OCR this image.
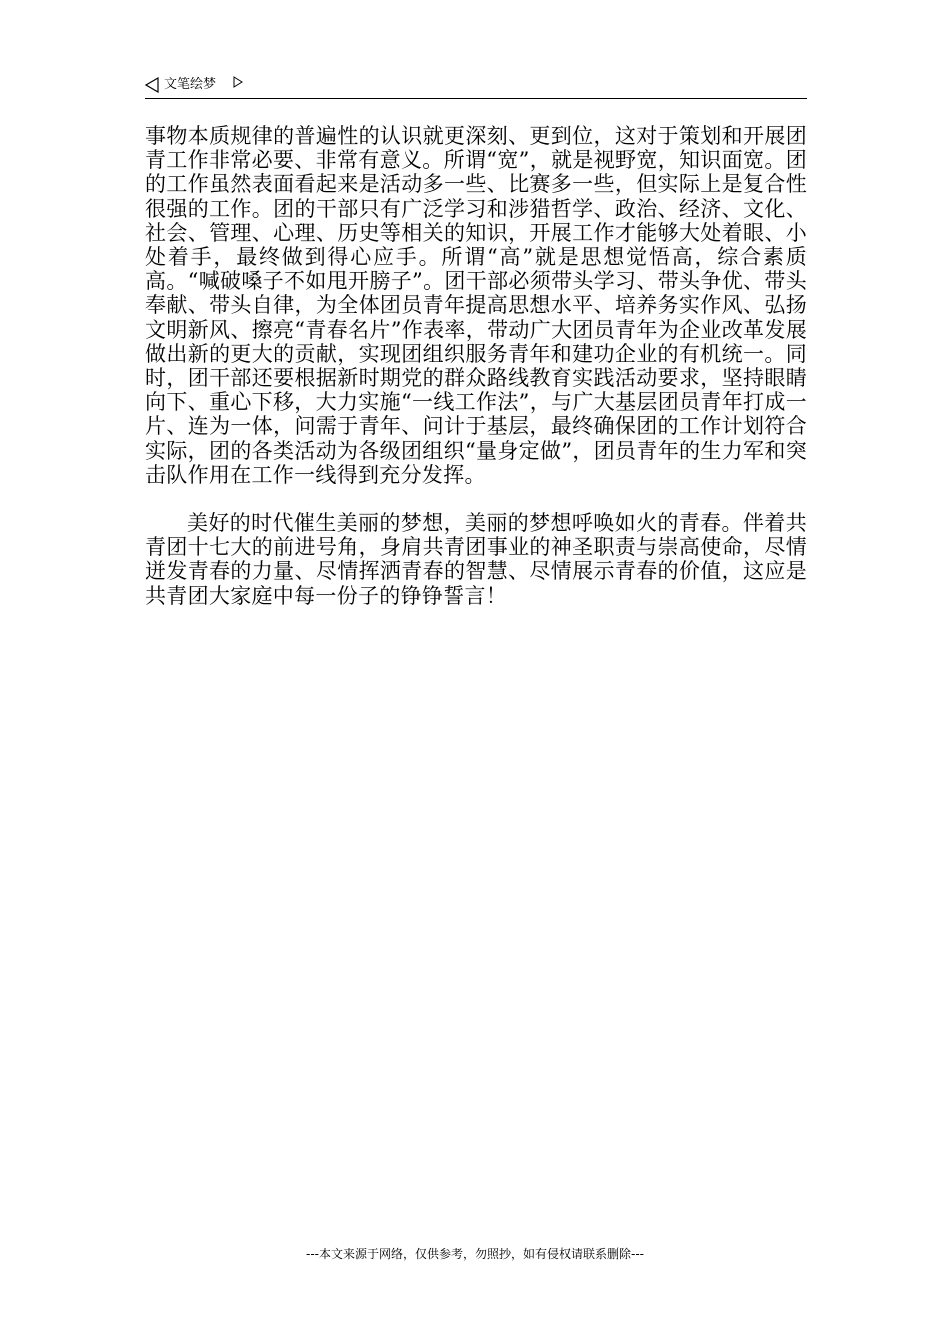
文笔绘梦

事物本质规律的普遍性的认识就更深刻、更到位，这对于策划和开展团青工作非常必要、非常有意义。所谓“宽”，就是视野宽，知识面宽。团的工作虽然表面看起来是活动多一些、比赛多一些，但实际上是复合性很强的工作。团的干部只有广泛学习和涉猎哲学、政治、经济、文化、社会、管理、心理、历史等相关的知识，开展工作才能够大处着眼、小处着手，最终做到得心应手。所谓“高”就是思想觉悟高，综合素质高。“喊破嗓子不如甩开膀子”。团干部必须带头学习、带头争优、带头奉献、带头自律，为全体团员青年提高思想水平、培养务实作风、弘扬文明新风、擦亮“青春名片”作表率，带动广大团员青年为企业改革发展做出新的更大的贡献，实现团组织服务青年和建功企业的有机统一。同时，团干部还要根据新时期党的群众路线教育实践活动要求，坚持眼睛向下、重心下移，大力实施“一线工作法”，与广大基层团员青年打成一片、连为一体，问需于青年、问计于基层，最终确保团的工作计划符合实际，团的各类活动为各级团组织“量身定做”，团员青年的生力军和突击队作用在工作一线得到充分发挥。

美好的时代催生美丽的梦想，美丽的梦想呼唤如火的青春。伴着共青团十七大的前进号角，身肩共青团事业的神圣职责与崇高使命，尽情迸发青春的力量、尽情挥洒青春的智慧、尽情展示青春的价值，这应是共青团大家庭中每一份子的铮铮誓言！

---本文来源于网络，仅供参考，勿照抄，如有侵权请联系删除---
